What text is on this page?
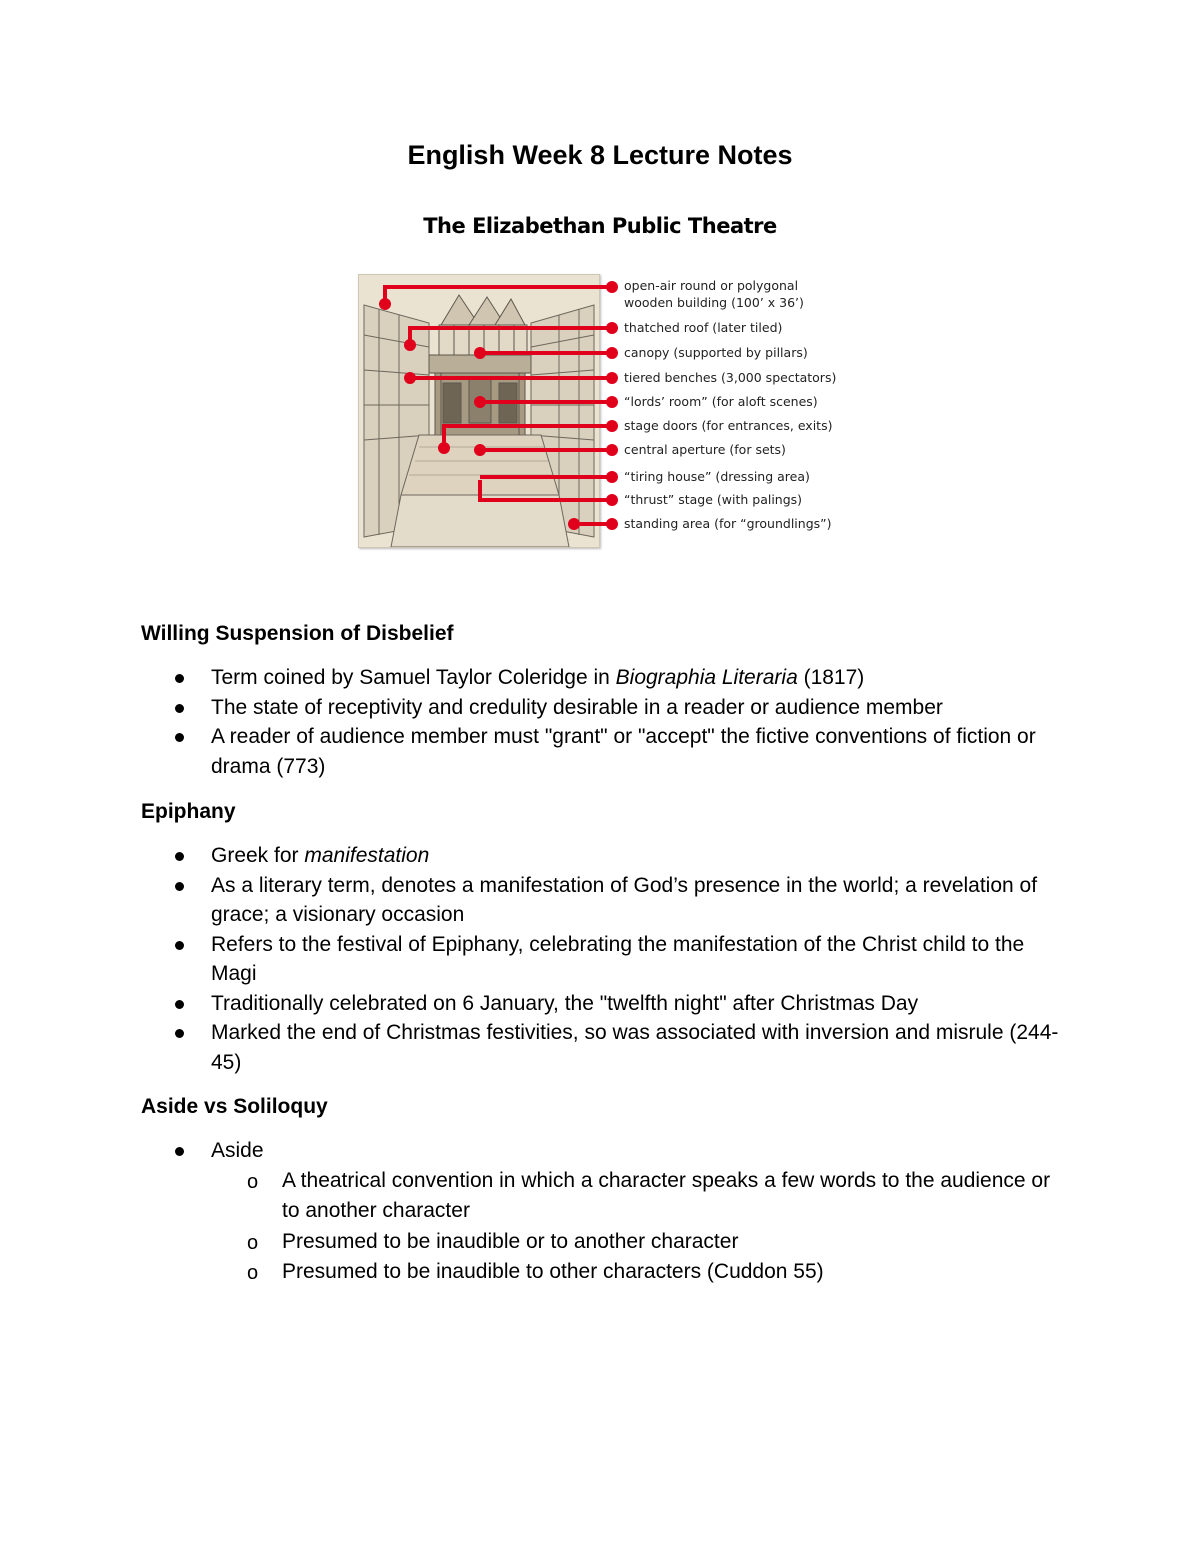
English Week 8 Lecture Notes
The Elizabethan Public Theatre
·
open-air round or polygonal
wooden building (100’ x 36’)
thatched roof (later tiled)
canopy (supported by pillars)
tiered benches (3,000 spectators)
“lords’ room” (for aloft scenes)
stage doors (for entrances, exits)
central aperture (for sets)
“tiring house” (dressing area)
“thrust” stage (with palings)
standing area (for “groundlings”)
Willing Suspension of Disbelief
Term coined by Samuel Taylor Coleridge in Biographia Literaria (1817)
The state of receptivity and credulity desirable in a reader or audience member
A reader of audience member must "grant" or "accept" the fictive conventions of fiction or drama (773)
Epiphany
Greek for manifestation
As a literary term, denotes a manifestation of God’s presence in the world; a revelation of grace; a visionary occasion
Refers to the festival of Epiphany, celebrating the manifestation of the Christ child to the Magi
Traditionally celebrated on 6 January, the "twelfth night" after Christmas Day
Marked the end of Christmas festivities, so was associated with inversion and misrule (244-45)
Aside vs Soliloquy
Aside
o A theatrical convention in which a character speaks a few words to the audience or to another character
o Presumed to be inaudible or to another character
o Presumed to be inaudible to other characters (Cuddon 55)
